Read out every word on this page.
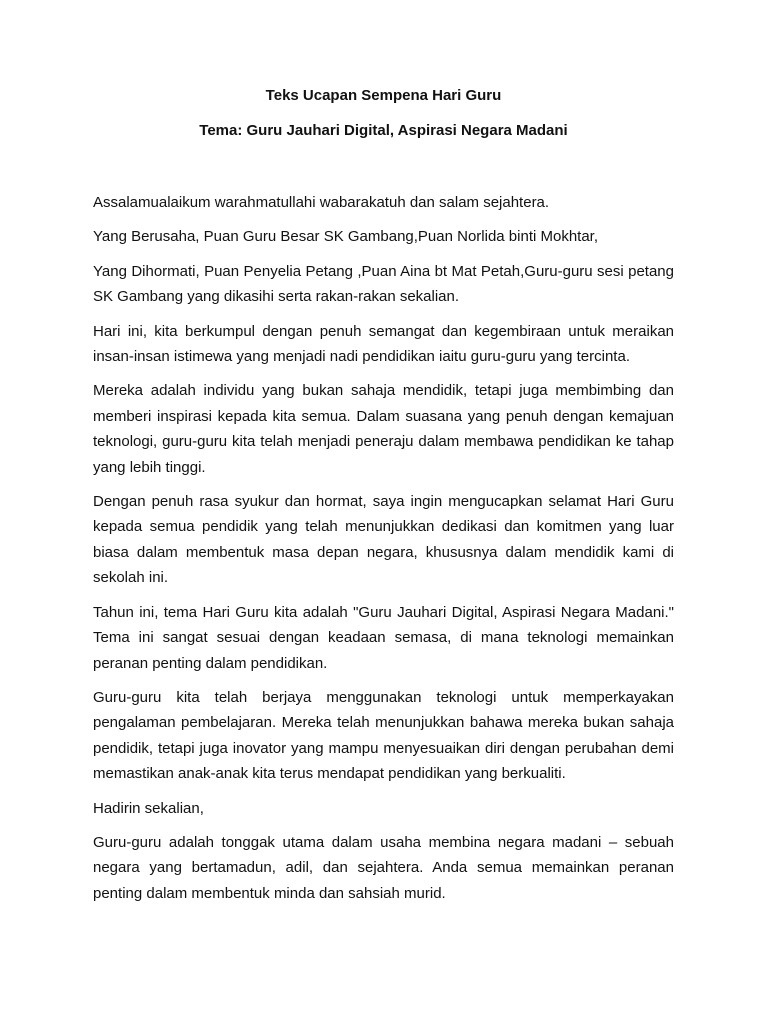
Teks Ucapan Sempena Hari Guru

Tema: Guru Jauhari Digital, Aspirasi Negara Madani

Assalamualaikum warahmatullahi wabarakatuh dan salam sejahtera.

Yang Berusaha, Puan Guru Besar SK Gambang,Puan Norlida binti Mokhtar,

Yang Dihormati, Puan Penyelia Petang ,Puan Aina bt Mat Petah,Guru-guru sesi petang SK Gambang yang dikasihi serta rakan-rakan sekalian.

Hari ini, kita berkumpul dengan penuh semangat dan kegembiraan untuk meraikan insan-insan istimewa yang menjadi nadi pendidikan iaitu guru-guru yang tercinta.

Mereka adalah individu yang bukan sahaja mendidik, tetapi juga membimbing dan memberi inspirasi kepada kita semua. Dalam suasana yang penuh dengan kemajuan teknologi, guru-guru kita telah menjadi peneraju dalam membawa pendidikan ke tahap yang lebih tinggi.

Dengan penuh rasa syukur dan hormat, saya ingin mengucapkan selamat Hari Guru kepada semua pendidik yang telah menunjukkan dedikasi dan komitmen yang luar biasa dalam membentuk masa depan negara, khususnya dalam mendidik kami di sekolah ini.

Tahun ini, tema Hari Guru kita adalah "Guru Jauhari Digital, Aspirasi Negara Madani." Tema ini sangat sesuai dengan keadaan semasa, di mana teknologi memainkan peranan penting dalam pendidikan.

Guru-guru kita telah berjaya menggunakan teknologi untuk memperkayakan pengalaman pembelajaran. Mereka telah menunjukkan bahawa mereka bukan sahaja pendidik, tetapi juga inovator yang mampu menyesuaikan diri dengan perubahan demi memastikan anak-anak kita terus mendapat pendidikan yang berkualiti.

Hadirin sekalian,

Guru-guru adalah tonggak utama dalam usaha membina negara madani – sebuah negara yang bertamadun, adil, dan sejahtera. Anda semua memainkan peranan penting dalam membentuk minda dan sahsiah murid.
